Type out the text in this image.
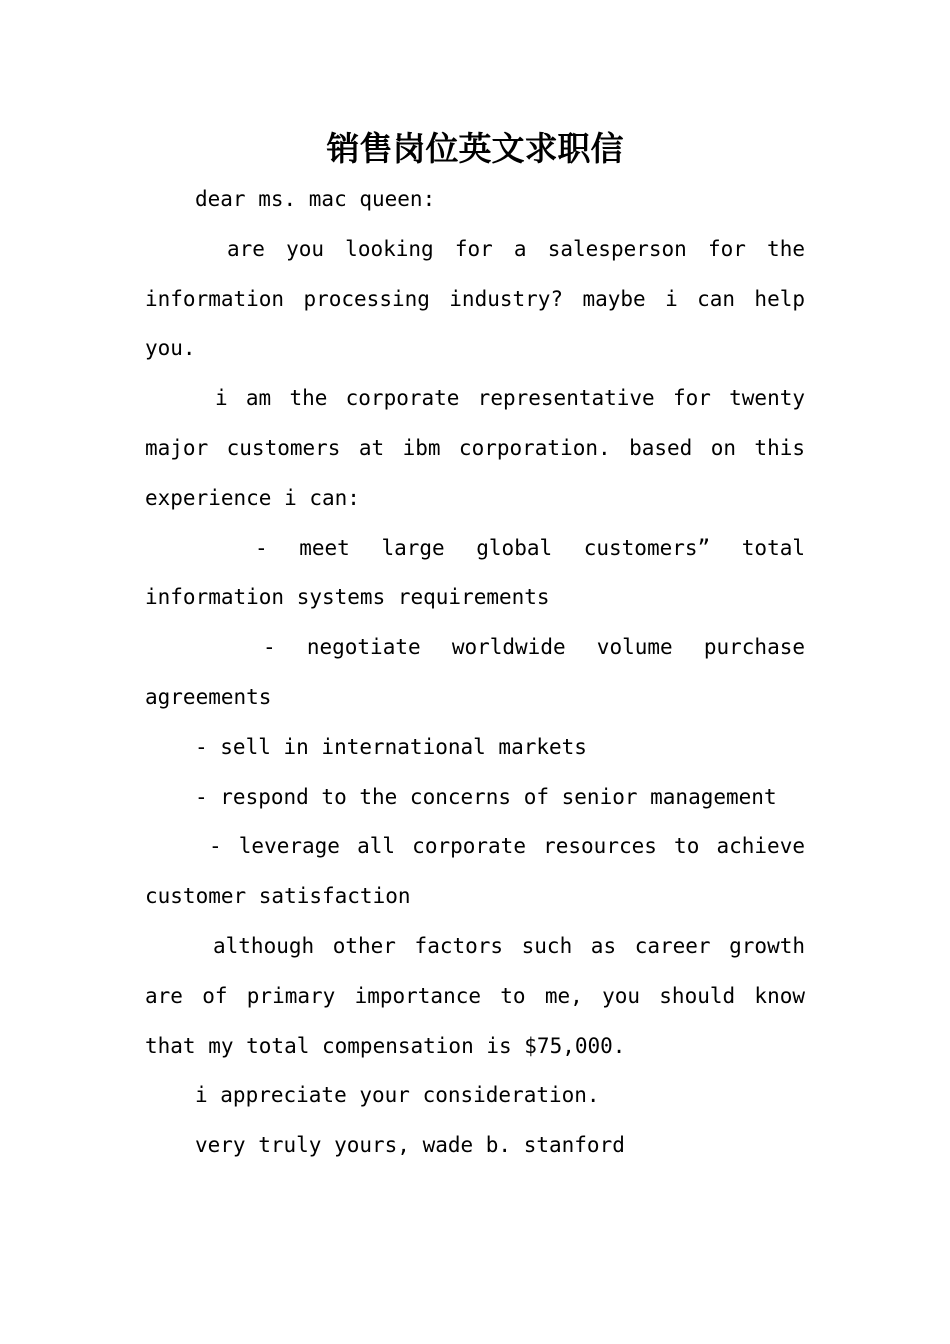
销售岗位英文求职信

dear ms. mac queen:

are you looking for a salesperson for the information processing industry? maybe i can help you.

i am the corporate representative for twenty major customers at ibm corporation. based on this experience i can:

- meet large global customers” total information systems requirements

- negotiate worldwide volume purchase agreements

- sell in international markets

- respond to the concerns of senior management

- leverage all corporate resources to achieve customer satisfaction

although other factors such as career growth are of primary importance to me, you should know that my total compensation is $75,000.

i appreciate your consideration.

very truly yours, wade b. stanford
